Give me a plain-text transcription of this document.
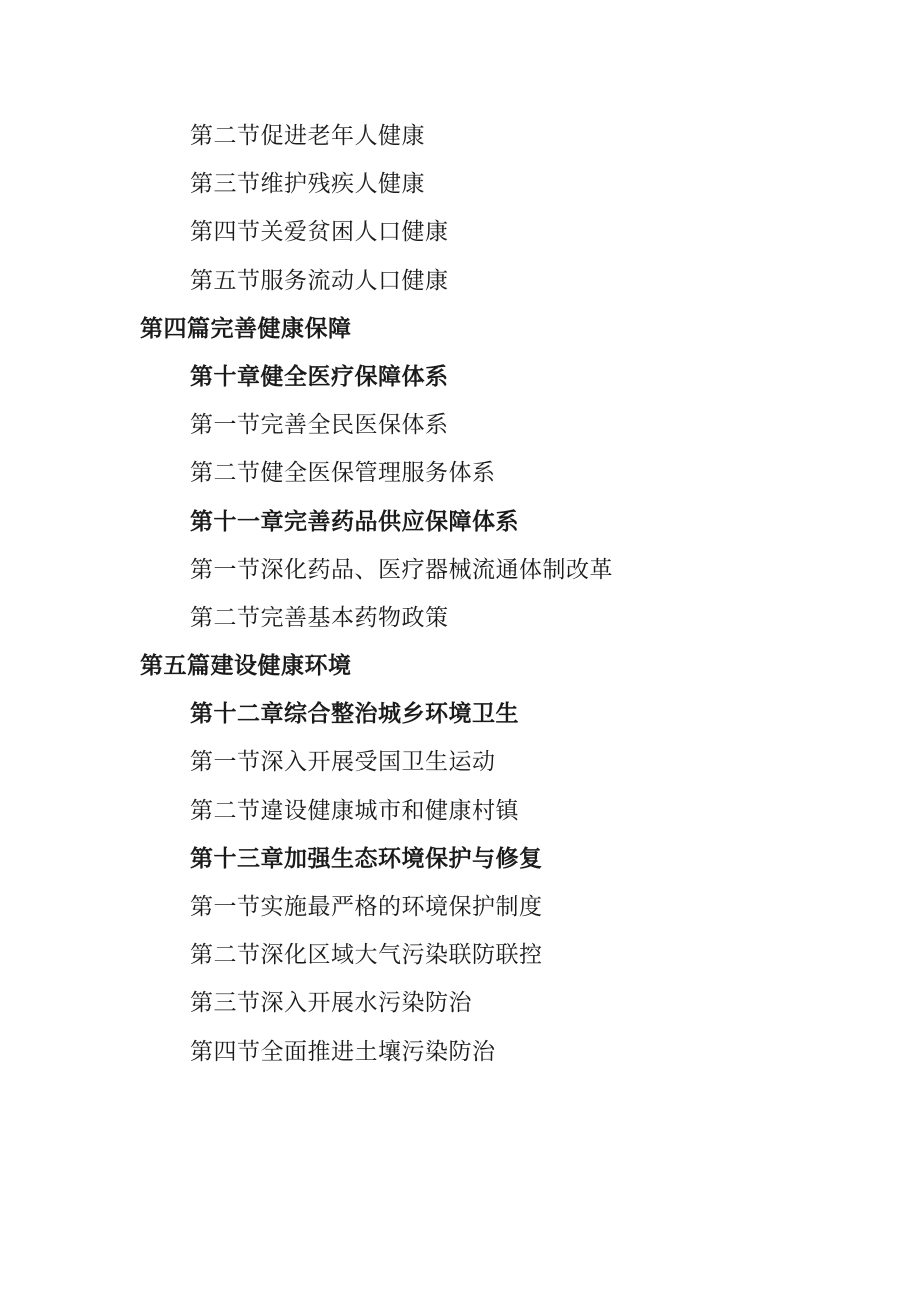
第二节促进老年人健康
第三节维护残疾人健康
第四节关爱贫困人口健康
第五节服务流动人口健康
第四篇完善健康保障
第十章健全医疗保障体系
第一节完善全民医保体系
第二节健全医保管理服务体系
第十一章完善药品供应保障体系
第一节深化药品、医疗器械流通体制改革
第二节完善基本药物政策
第五篇建设健康环境
第十二章综合整治城乡环境卫生
第一节深入开展受国卫生运动
第二节違设健康城市和健康村镇
第十三章加强生态环境保护与修复
第一节实施最严格的环境保护制度
第二节深化区域大气污染联防联控
第三节深入开展水污染防治
第四节全面推进土壤污染防治
